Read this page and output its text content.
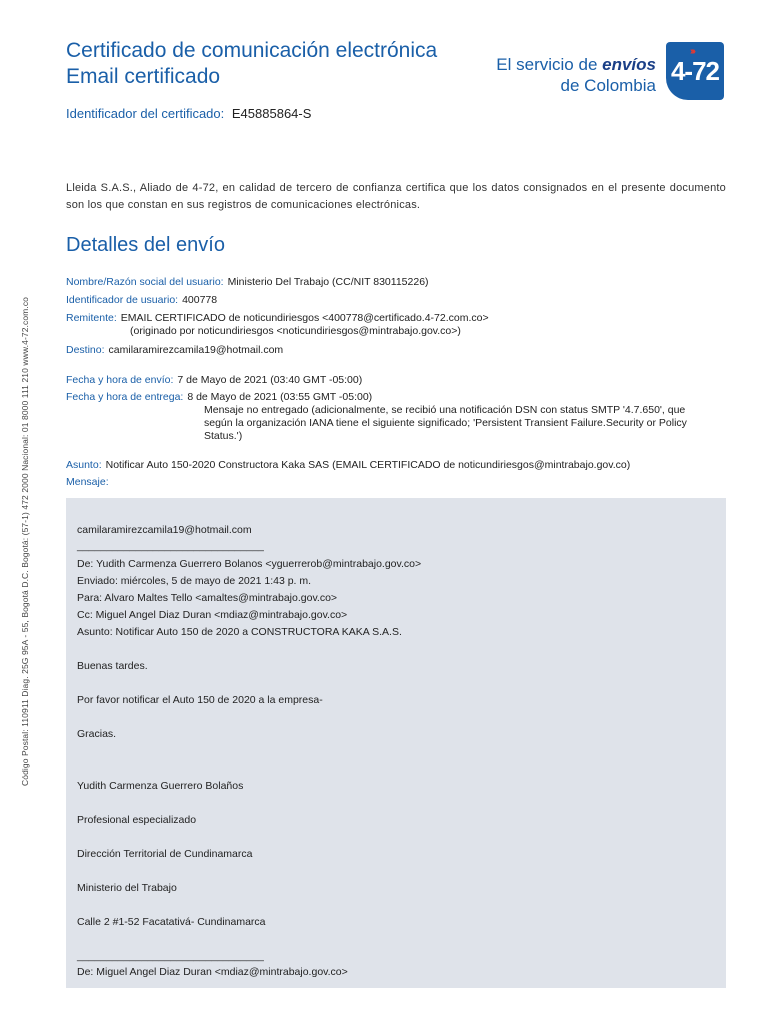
Certificado de comunicación electrónica
Email certificado
El servicio de envíos
de Colombia
›››
4-72
Identificador del certificado: E45885864-S
Lleida S.A.S., Aliado de 4-72, en calidad de tercero de confianza certifica que los datos consignados en el presente documento son los que constan en sus registros de comunicaciones electrónicas.
Detalles del envío
Código Postal: 110911 Diag. 25G 95A - 55, Bogotá D.C. Bogotá: (57-1) 472 2000 Nacional: 01 8000 111 210 www.4-72.com.co
Nombre/Razón social del usuario: Ministerio Del Trabajo (CC/NIT 830115226)
Identificador de usuario: 400778
Remitente: EMAIL CERTIFICADO de noticundiriesgos <400778@certificado.4-72.com.co>
(originado por noticundiriesgos <noticundiriesgos@mintrabajo.gov.co>)
Destino: camilaramirezcamila19@hotmail.com
Fecha y hora de envío: 7 de Mayo de 2021 (03:40 GMT -05:00)
Fecha y hora de entrega: 8 de Mayo de 2021 (03:55 GMT -05:00)
Mensaje no entregado (adicionalmente, se recibió una notificación DSN con status SMTP '4.7.650', que según la organización IANA tiene el siguiente significado; 'Persistent Transient Failure.Security or Policy Status.')
Asunto: Notificar Auto 150-2020 Constructora Kaka SAS (EMAIL CERTIFICADO de noticundiriesgos@mintrabajo.gov.co)
Mensaje:
camilaramirezcamila19@hotmail.com
________________________________
De: Yudith Carmenza Guerrero Bolanos <yguerrerob@mintrabajo.gov.co>
Enviado: miércoles, 5 de mayo de 2021 1:43 p. m.
Para: Alvaro Maltes Tello <amaltes@mintrabajo.gov.co>
Cc: Miguel Angel Diaz Duran <mdiaz@mintrabajo.gov.co>
Asunto: Notificar Auto 150 de 2020 a CONSTRUCTORA KAKA S.A.S.
Buenas tardes.
Por favor notificar el Auto 150 de 2020 a la empresa-
Gracias.
Yudith Carmenza Guerrero Bolaños
Profesional especializado
Dirección Territorial de Cundinamarca
Ministerio del Trabajo
Calle 2 #1-52 Facatativá- Cundinamarca
________________________________
De: Miguel Angel Diaz Duran <mdiaz@mintrabajo.gov.co>
